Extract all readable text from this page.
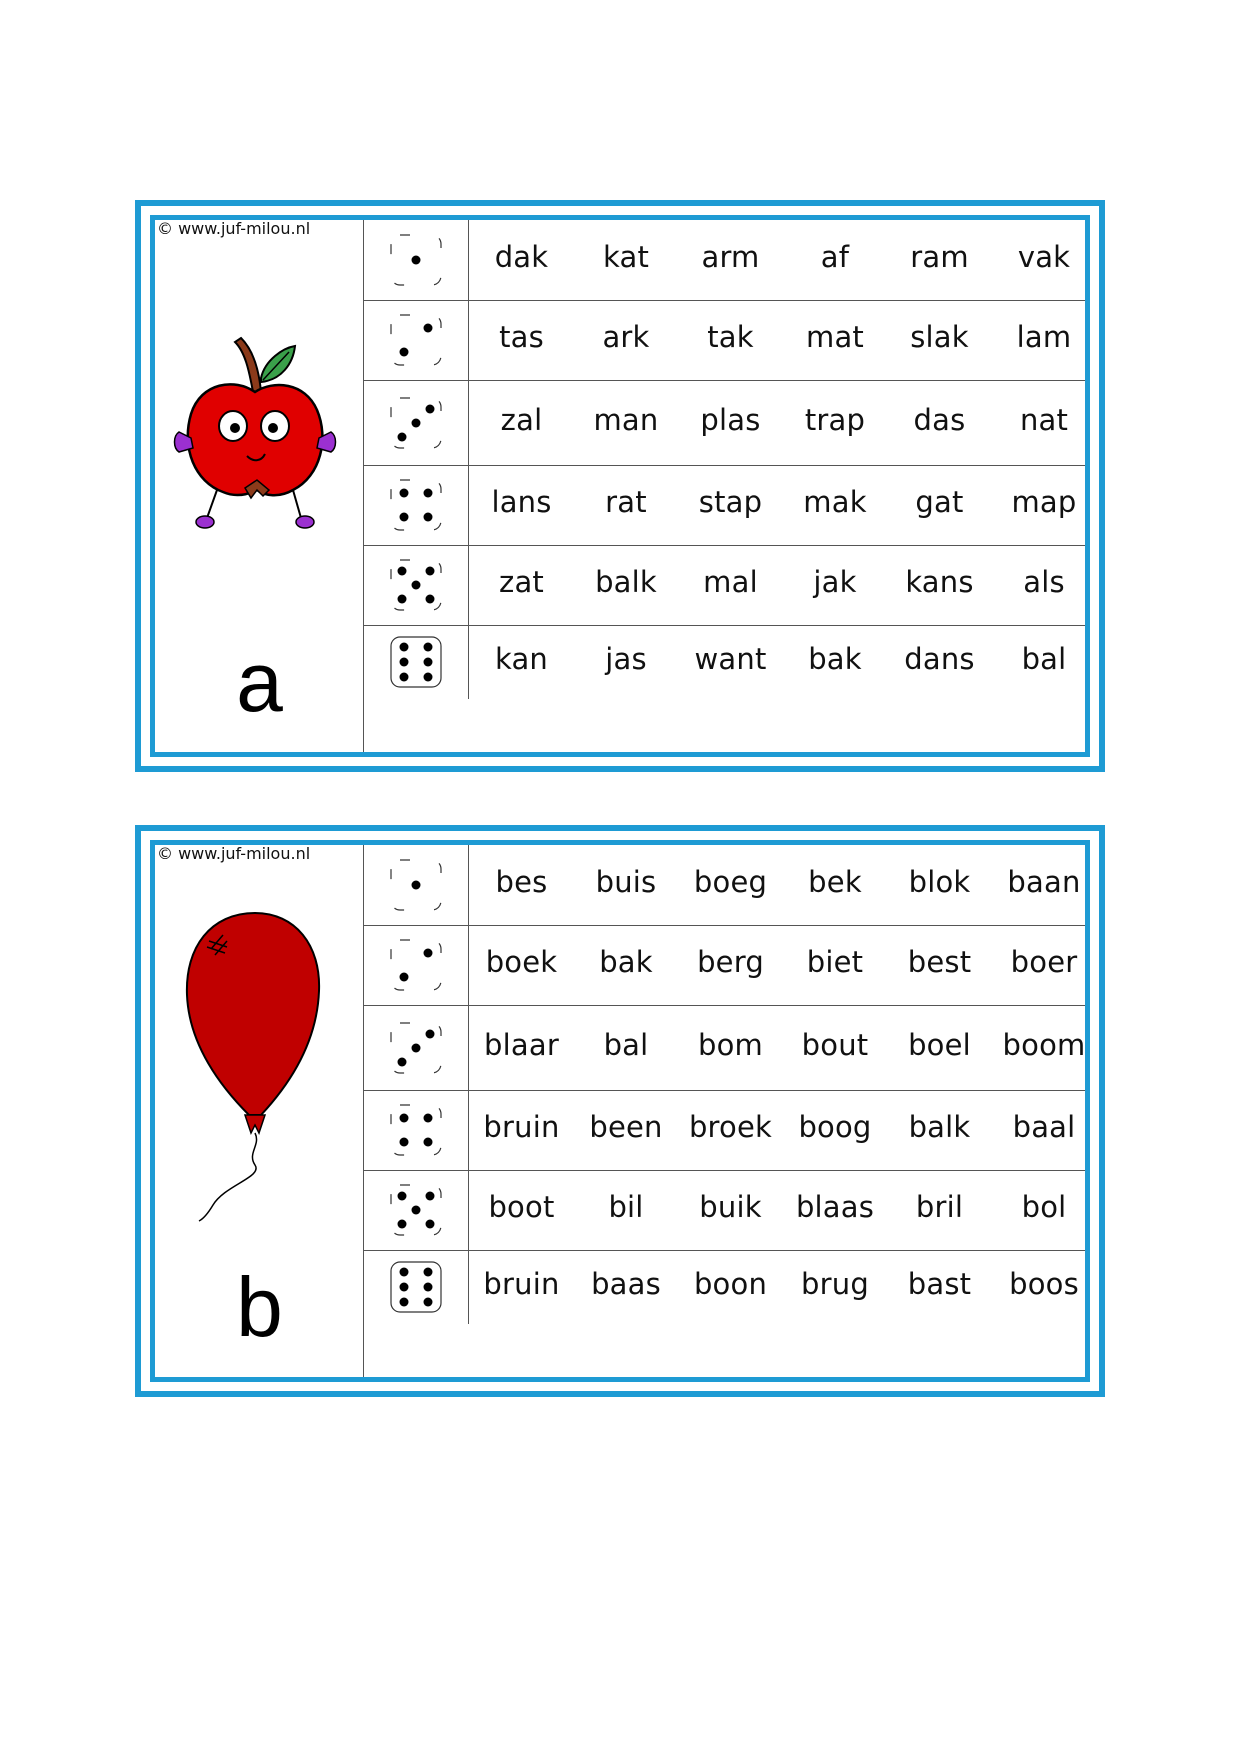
© www.juf-milou.nl
a
dak	kat	arm	af	ram	vak
tas	ark	tak	mat	slak	lam
zal	man	plas	trap	das	nat
lans	rat	stap	mak	gat	map
zat	balk	mal	jak	kans	als
kan	jas	want	bak	dans	bal
© www.juf-milou.nl
b
bes	buis	boeg	bek	blok	baan
boek	bak	berg	biet	best	boer
blaar	bal	bom	bout	boel	boom
bruin	been broek boog	balk	baal
boot	bil	buik	blaas	bril	bol
bruin	baas	boon	brug	bast	boos
